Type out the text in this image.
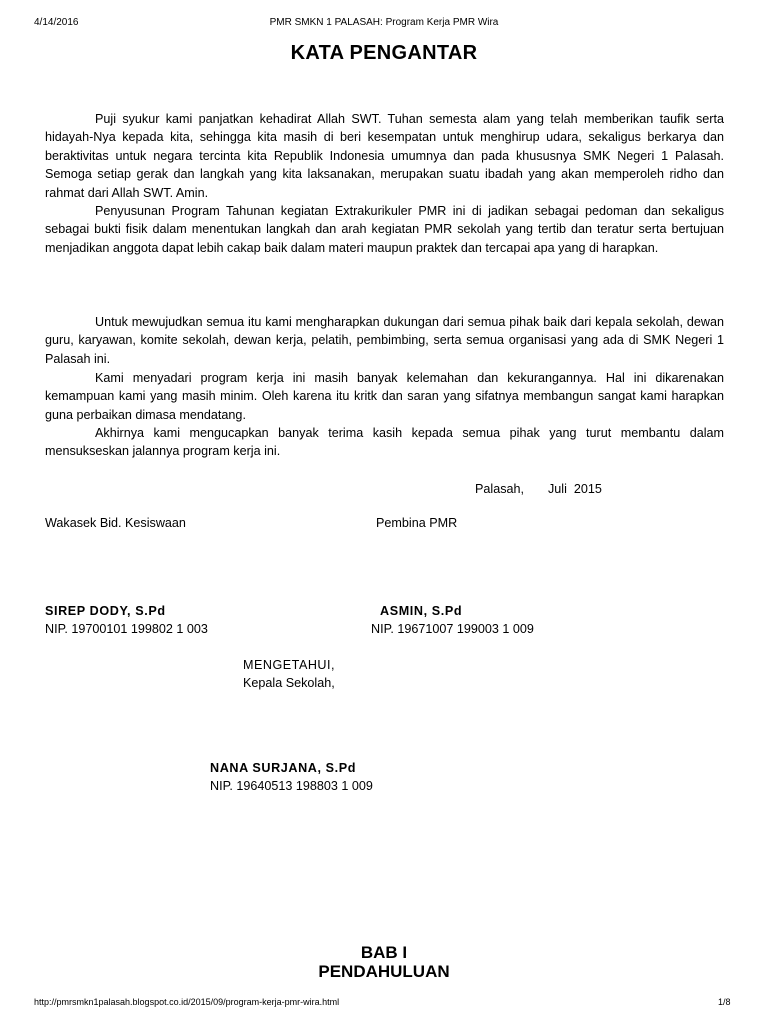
4/14/2016	PMR SMKN 1 PALASAH: Program Kerja PMR Wira
KATA PENGANTAR

Puji syukur kami panjatkan kehadirat Allah SWT. Tuhan semesta alam yang telah memberikan taufik serta hidayah-Nya kepada kita, sehingga kita masih di beri kesempatan untuk menghirup udara, sekaligus berkarya dan beraktivitas untuk negara tercinta kita Republik Indonesia umumnya dan pada khususnya SMK Negeri 1 Palasah. Semoga setiap gerak dan langkah yang kita laksanakan, merupakan suatu ibadah yang akan memperoleh ridho dan rahmat dari Allah SWT. Amin.

Penyusunan Program Tahunan kegiatan Extrakurikuler PMR ini di jadikan sebagai pedoman dan sekaligus sebagai bukti fisik dalam menentukan langkah dan arah kegiatan PMR sekolah yang tertib dan teratur serta bertujuan menjadikan anggota dapat lebih cakap baik dalam materi maupun praktek dan tercapai apa yang di harapkan.

Untuk mewujudkan semua itu kami mengharapkan dukungan dari semua pihak baik dari kepala sekolah, dewan guru, karyawan, komite sekolah, dewan kerja, pelatih, pembimbing, serta semua organisasi yang ada di SMK Negeri 1 Palasah ini.

Kami menyadari program kerja ini masih banyak kelemahan dan kekurangannya. Hal ini dikarenakan kemampuan kami yang masih minim. Oleh karena itu kritk dan saran yang sifatnya membangun sangat kami harapkan guna perbaikan dimasa mendatang.

Akhirnya kami mengucapkan banyak terima kasih kepada semua pihak yang turut membantu dalam mensukseskan jalannya program kerja ini.

Palasah, Juli  2015
Wakasek Bid. Kesiswaan	Pembina PMR
SIREP DODY, S.Pd	ASMIN, S.Pd
NIP. 19700101 199802 1 003	NIP. 19671007 199003 1 009
MENGETAHUI,
Kepala Sekolah,
NANA SURJANA, S.Pd
NIP. 19640513 198803 1 009
BAB I
PENDAHULUAN
http://pmrsmkn1palasah.blogspot.co.id/2015/09/program-kerja-pmr-wira.html	1/8
